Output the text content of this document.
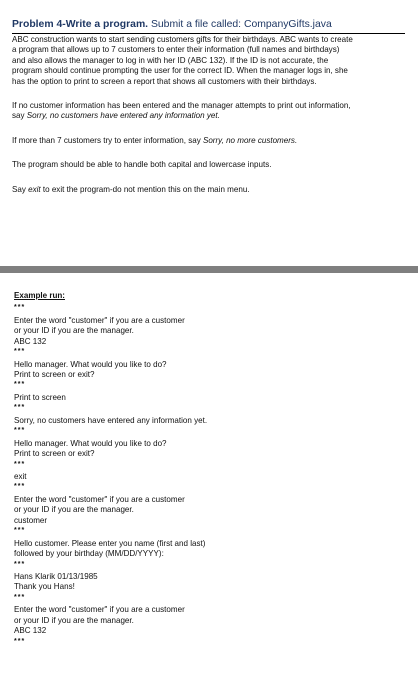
Problem 4-Write a program. Submit a file called: CompanyGifts.java
ABC construction wants to start sending customers gifts for their birthdays. ABC wants to create
a program that allows up to 7 customers to enter their information (full names and birthdays)
and also allows the manager to log in with her ID (ABC 132). If the ID is not accurate, the
program should continue prompting the user for the correct ID. When the manager logs in, she
has the option to print to screen a report that shows all customers with their birthdays.
If no customer information has been entered and the manager attempts to print out information,
say Sorry, no customers have entered any information yet.
If more than 7 customers try to enter information, say Sorry, no more customers.
The program should be able to handle both capital and lowercase inputs.
Say exit to exit the program-do not mention this on the main menu.
Example run:
***
Enter the word "customer" if you are a customer
or your ID if you are the manager.
ABC 132
***
Hello manager. What would you like to do?
Print to screen or exit?
***
Print to screen
***
Sorry, no customers have entered any information yet.
***
Hello manager. What would you like to do?
Print to screen or exit?
***
exit
***
Enter the word "customer" if you are a customer
or your ID if you are the manager.
customer
***
Hello customer. Please enter you name (first and last)
followed by your birthday (MM/DD/YYYY):
***
Hans Klarik 01/13/1985
Thank you Hans!
***
Enter the word "customer" if you are a customer
or your ID if you are the manager.
ABC 132
***
